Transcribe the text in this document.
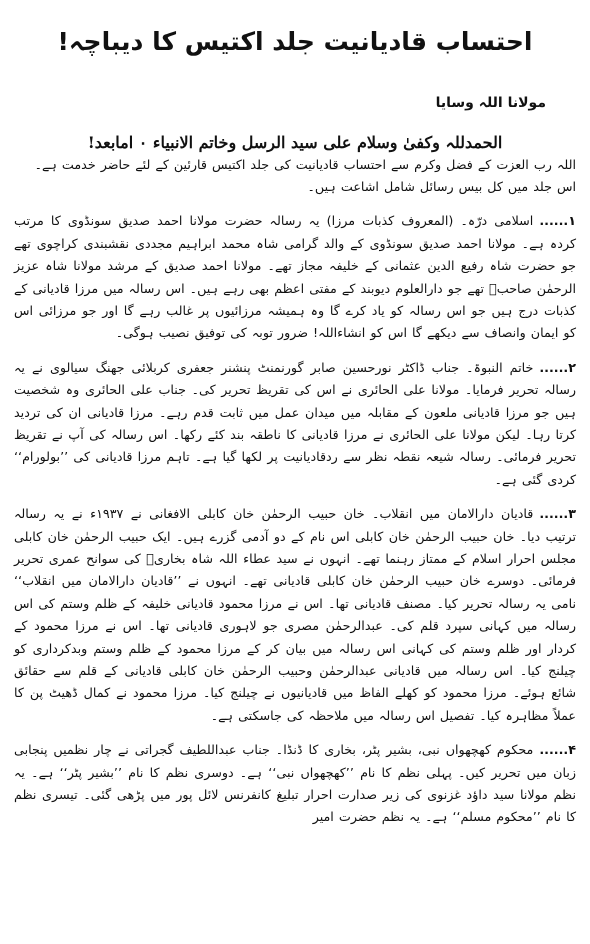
احتساب قادیانیت جلد اکتیس کا دیباچہ!
مولانا اللہ وسایا
الحمدللہ وکفیٰ وسلام علی سید الرسل وخاتم الانبیاء ۰ امابعد!

اللہ رب العزت کے فضل وکرم سے احتساب قادیانیت کی جلد اکتیس قارئین کے لئے حاضر خدمت ہے۔

اس جلد میں کل بیس رسائل شامل اشاعت ہیں۔

۱......اسلامی درّہ۔ (المعروف کذبات مرزا) یہ رسالہ حضرت مولانا احمد صدیق سونڈوی کا مرتب کردہ ہے۔ مولانا احمد صدیق سونڈوی کے والد گرامی شاہ محمد ابراہیم مجددی نقشبندی کراچوی تھے جو حضرت شاہ رفیع الدین عثمانی کے خلیفہ مجاز تھے۔ مولانا احمد صدیق کے مرشد مولانا شاہ عزیز الرحمٰن صاحبؒ تھے جو دارالعلوم دیوبند کے مفتی اعظم بھی رہے ہیں۔ اس رسالہ میں مرزا قادیانی کے کذبات درج ہیں جو اس رسالہ کو یاد کرے گا وہ ہمیشہ مرزائیوں پر غالب رہے گا اور جو مرزائی اس کو ایمان وانصاف سے دیکھے گا اس کو انشاءاللہ! ضرور توبہ کی توفیق نصیب ہوگی۔

۲......خاتم النبوۃ۔ جناب ڈاکٹر نورحسین صابر گورنمنٹ پنشنر جعفری کربلائی جھنگ سیالوی نے یہ رسالہ تحریر فرمایا۔ مولانا علی الحائری نے اس کی تقریظ تحریر کی۔ جناب علی الحائری وہ شخصیت ہیں جو مرزا قادیانی ملعون کے مقابلہ میں میدان عمل میں ثابت قدم رہے۔ مرزا قادیانی ان کی تردید کرتا رہا۔ لیکن مولانا علی الحائری نے مرزا قادیانی کا ناطقہ بند کئے رکھا۔ اس رسالہ کی آپ نے تقریظ تحریر فرمائی۔ رسالہ شیعہ نقطہ نظر سے ردقادیانیت پر لکھا گیا ہے۔ تاہم مرزا قادیانی کی ’’بولورام‘‘ کردی گئی ہے۔

۳......قادیان دارالامان میں انقلاب۔ خان حبیب الرحمٰن خان کابلی الافغانی نے ۱۹۳۷ء نے یہ رسالہ ترتیب دیا۔ خان حبیب الرحمٰن خان کابلی اس نام کے دو آدمی گزرے ہیں۔ ایک حبیب الرحمٰن خان کابلی مجلس احرار اسلام کے ممتاز رہنما تھے۔ انہوں نے سید عطاء اللہ شاہ بخاریؒ کی سوانح عمری تحریر فرمائی۔ دوسرے خان حبیب الرحمٰن خان کابلی قادیانی تھے۔ انہوں نے ’’قادیان دارالامان میں انقلاب‘‘ نامی یہ رسالہ تحریر کیا۔ مصنف قادیانی تھا۔ اس نے مرزا محمود قادیانی خلیفہ کے ظلم وستم کی اس رسالہ میں کہانی سپرد قلم کی۔ عبدالرحمٰن مصری جو لاہوری قادیانی تھا۔ اس نے مرزا محمود کے کردار اور ظلم وستم کی کہانی اس رسالہ میں بیان کر کے مرزا محمود کے ظلم وستم وبدکرداری کو چیلنج کیا۔ اس رسالہ میں قادیانی عبدالرحمٰن وحبیب الرحمٰن خان کابلی قادیانی کے قلم سے حقائق شائع ہوئے۔ مرزا محمود کو کھلے الفاظ میں قادیانیوں نے چیلنج کیا۔ مرزا محمود نے کمال ڈھیٹ پن کا عملاً مظاہرہ کیا۔ تفصیل اس رسالہ میں ملاحظہ کی جاسکتی ہے۔

۴......محکوم کھچھواں نبی، بشیر پٹر، بخاری کا ڈنڈا۔ جناب عبداللطیف گجراتی نے چار نظمیں پنجابی زبان میں تحریر کیں۔ پہلی نظم کا نام ’’کھچھواں نبی‘‘ ہے۔ دوسری نظم کا نام ’’بشیر پٹر‘‘ ہے۔ یہ نظم مولانا سید داؤد غزنوی کی زیر صدارت احرار تبلیغ کانفرنس لائل پور میں پڑھی گئی۔ تیسری نظم کا نام ’’محکوم مسلم‘‘ ہے۔ یہ نظم حضرت امیر
